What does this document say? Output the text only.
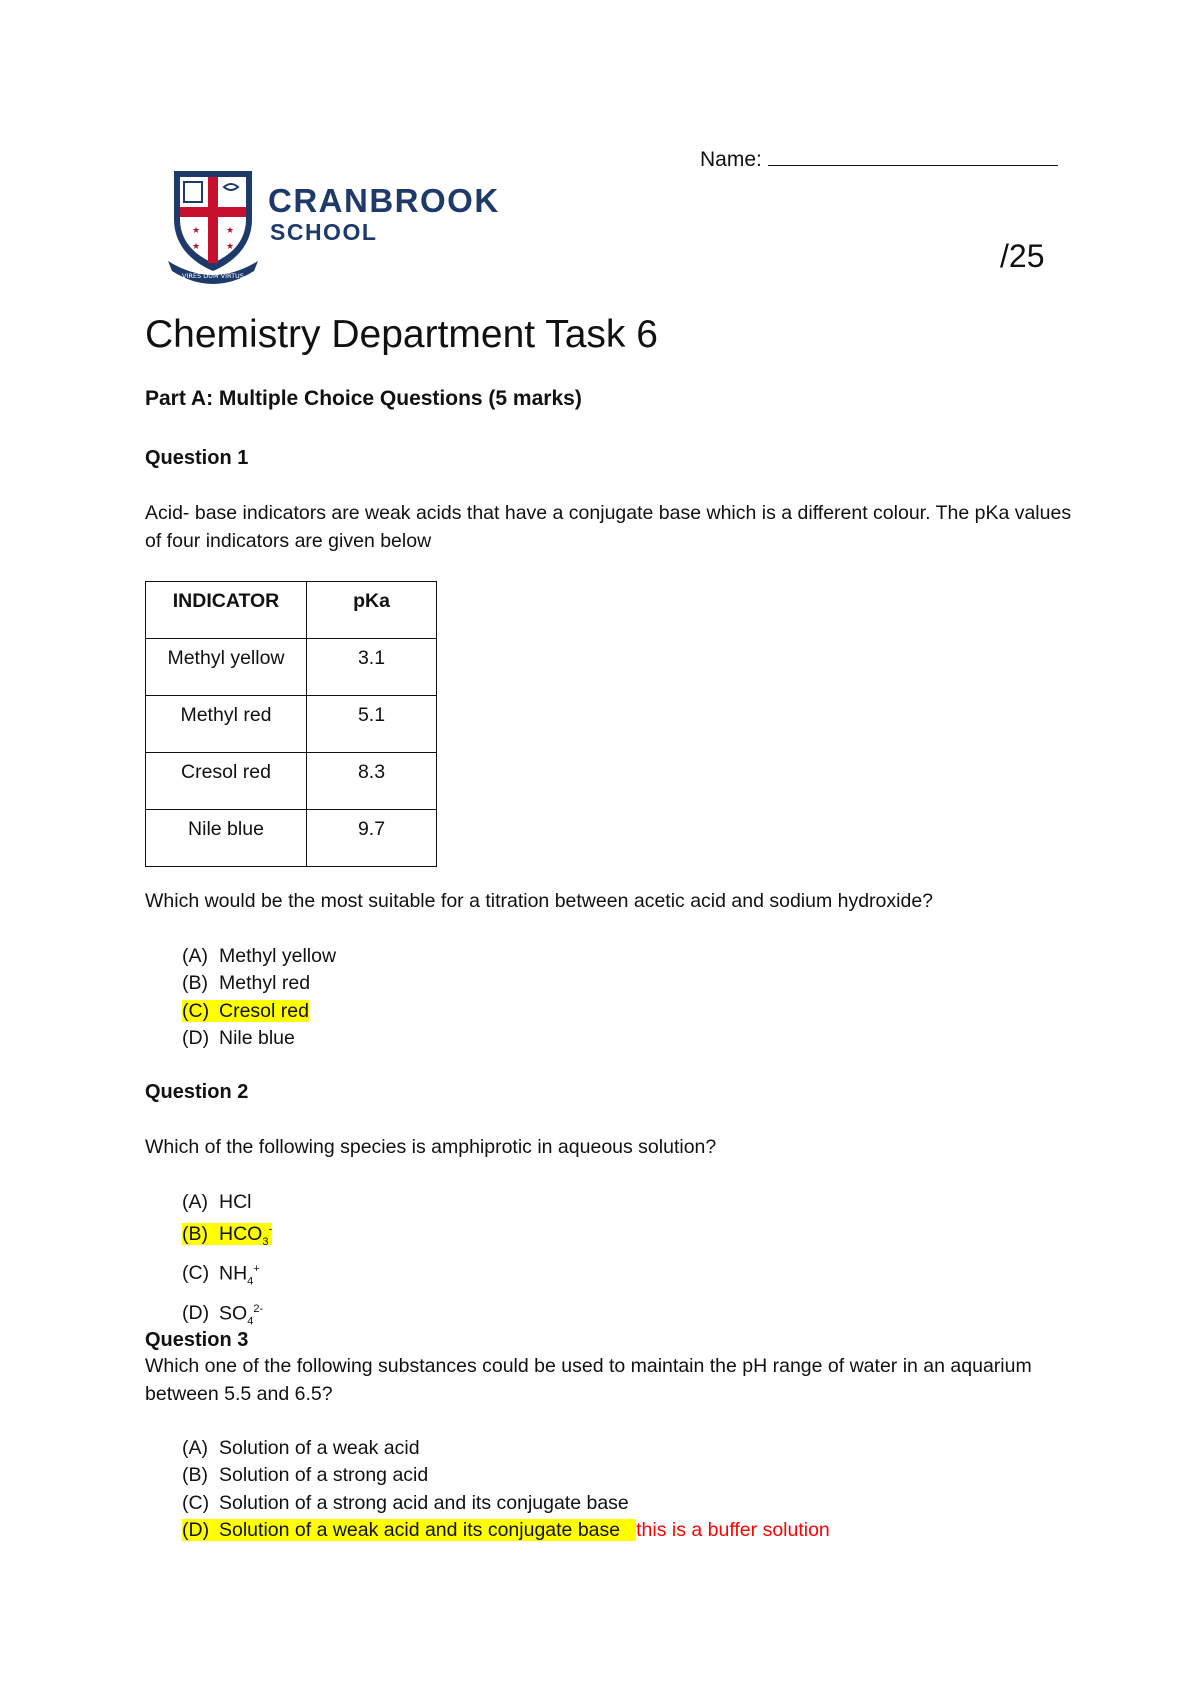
Name:
★	★
★	★
VIRES DUM VIRTUS
CRANBROOK
SCHOOL
/25
Chemistry Department Task 6
Part A: Multiple Choice Questions (5 marks)
Question 1
Acid- base indicators are weak acids that have a conjugate base which is a different colour. The pKa values of four indicators are given below
INDICATOR	pKa
Methyl yellow	3.1
Methyl red	5.1
Cresol red	8.3
Nile blue	9.7
Which would be the most suitable for a titration between acetic acid and sodium hydroxide?
(A) Methyl yellow
(B) Methyl red
(C) Cresol red
(D) Nile blue
Question 2
Which of the following species is amphiprotic in aqueous solution?
(A) HCl
(B) $HCO_3^-$
(C) $NH_4^+$
(D) $SO_4^{2-}$
Question 3
Which one of the following substances could be used to maintain the pH range of water in an aquarium between 5.5 and 6.5?
(A) Solution of a weak acid
(B) Solution of a strong acid
(C) Solution of a strong acid and its conjugate base
(D) Solution of a weak acid and its conjugate base this is a buffer solution
